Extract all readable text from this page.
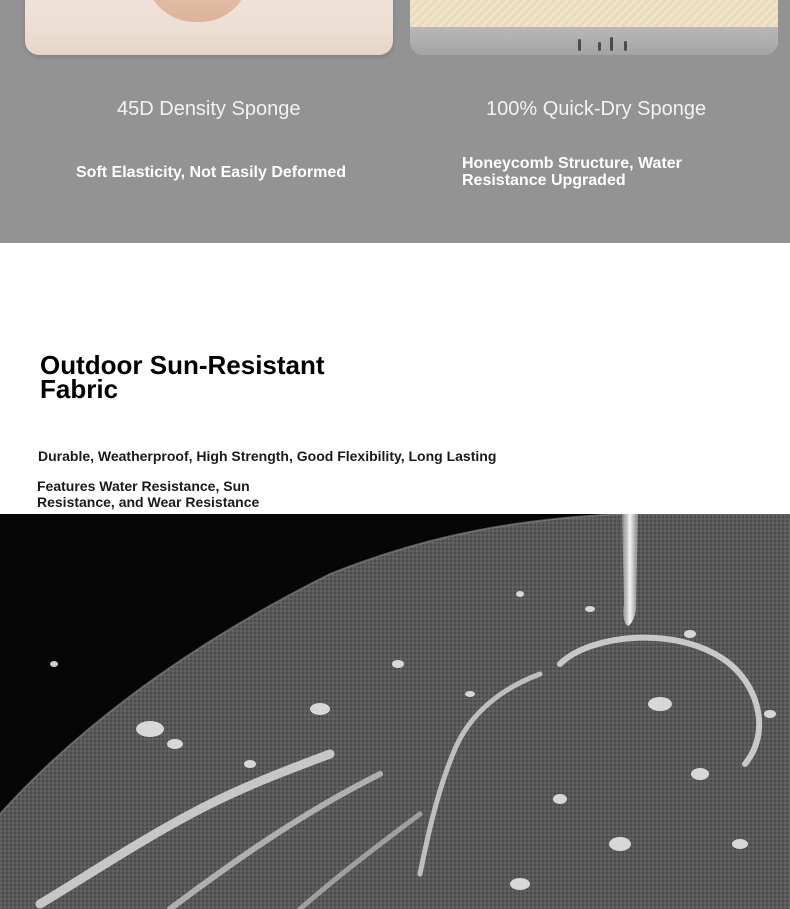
45D Density Sponge	100% Quick-Dry Sponge
Soft Elasticity, Not Easily Deformed
Honeycomb Structure, Water Resistance Upgraded
Outdoor Sun-Resistant Fabric
Durable, Weatherproof, High Strength, Good Flexibility, Long Lasting
Features Water Resistance, Sun Resistance, and Wear Resistance
